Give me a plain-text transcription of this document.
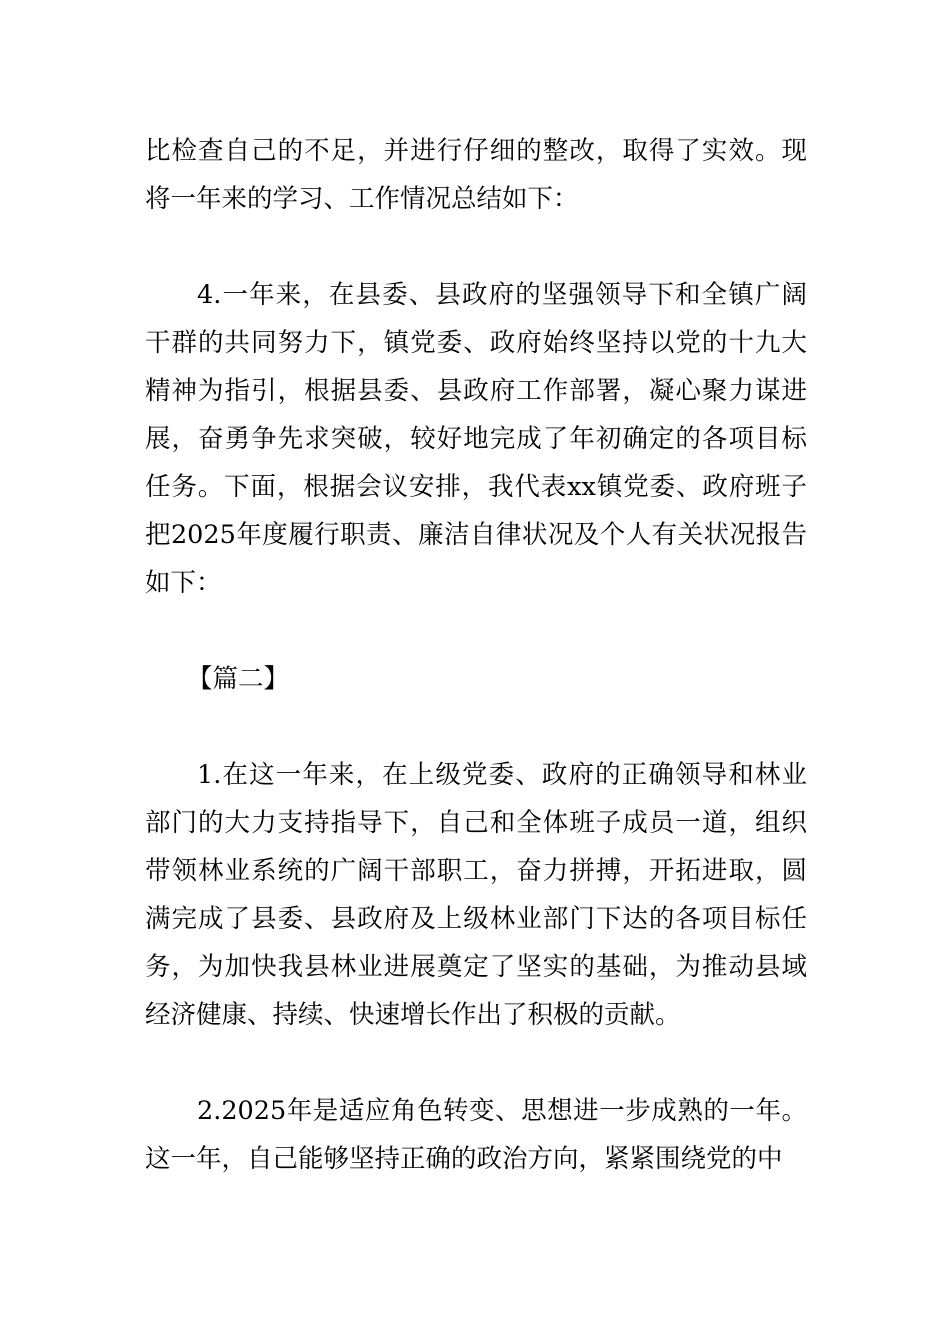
比检查自己的不足，并进行仔细的整改，取得了实效。现将一年来的学习、工作情况总结如下：

4.一年来，在县委、县政府的坚强领导下和全镇广阔干群的共同努力下，镇党委、政府始终坚持以党的十九大精神为指引，根据县委、县政府工作部署，凝心聚力谋进展，奋勇争先求突破，较好地完成了年初确定的各项目标任务。下面，根据会议安排，我代表xx镇党委、政府班子把2025年度履行职责、廉洁自律状况及个人有关状况报告如下：

【篇二】

1.在这一年来，在上级党委、政府的正确领导和林业部门的大力支持指导下，自己和全体班子成员一道，组织带领林业系统的广阔干部职工，奋力拼搏，开拓进取，圆满完成了县委、县政府及上级林业部门下达的各项目标任务，为加快我县林业进展奠定了坚实的基础，为推动县域经济健康、持续、快速增长作出了积极的贡献。

2.2025年是适应角色转变、思想进一步成熟的一年。这一年，自己能够坚持正确的政治方向，紧紧围绕党的中
